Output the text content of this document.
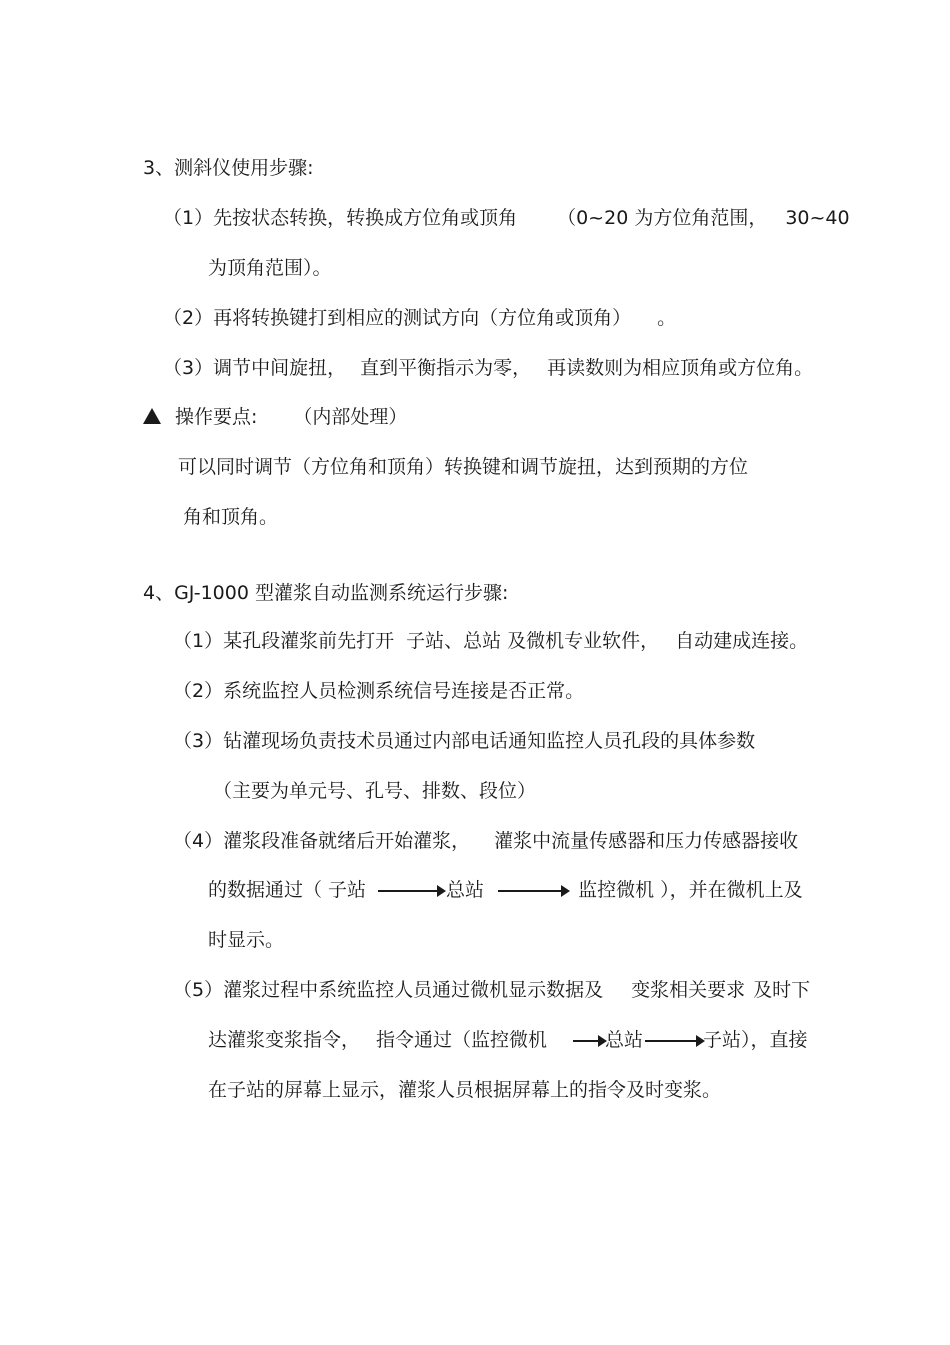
3、测斜仪使用步骤:
（1）先按状态转换，转换成方位角或顶角 （0~20 为方位角范围， 30~40
为顶角范围）。
（2）再将转换键打到相应的测试方向（方位角或顶角） 。
（3）调节中间旋扭， 直到平衡指示为零， 再读数则为相应顶角或方位角。
操作要点: （内部处理）
可以同时调节（方位角和顶角）转换键和调节旋扭，达到预期的方位
角和顶角。
4、GJ-1000 型灌浆自动监测系统运行步骤:
（1）某孔段灌浆前先打开 子站、总站 及微机专业软件， 自动建成连接。
（2）系统监控人员检测系统信号连接是否正常。
（3）钻灌现场负责技术员通过内部电话通知监控人员孔段的具体参数
（主要为单元号、孔号、排数、段位）
（4）灌浆段准备就绪后开始灌浆， 灌浆中流量传感器和压力传感器接收
的数据通过（ 子站	总站	监控微机 ），并在微机上及
时显示。
（5）灌浆过程中系统监控人员通过微机显示数据及 变浆相关要求 及时下
达灌浆变浆指令， 指令通过（监控微机	总站	子站），直接
在子站的屏幕上显示，灌浆人员根据屏幕上的指令及时变浆。
